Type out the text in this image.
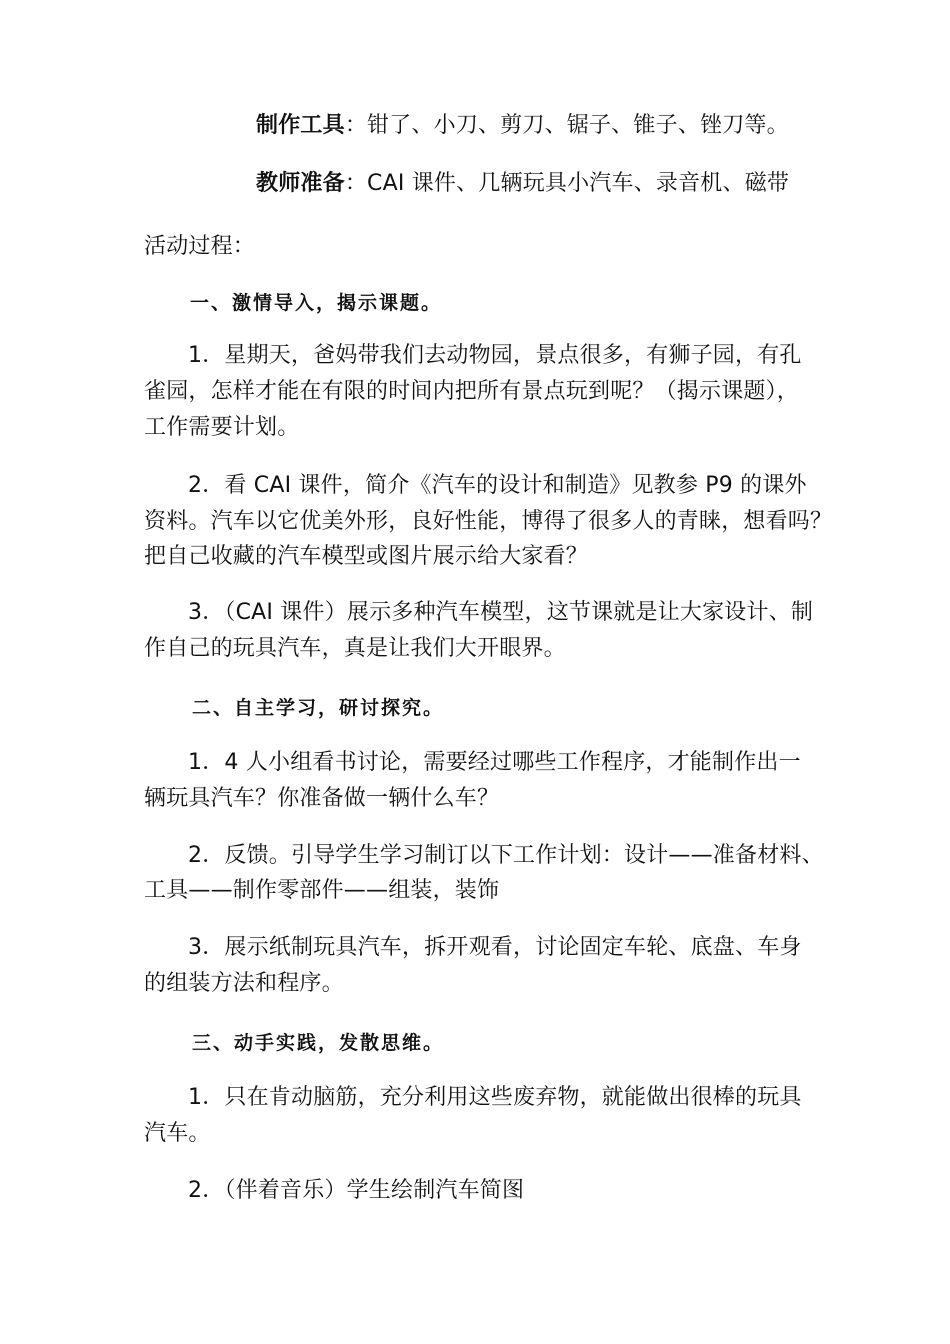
制作工具：钳了、小刀、剪刀、锯子、锥子、锉刀等。
教师准备：CAI 课件、几辆玩具小汽车、录音机、磁带
活动过程：
一、激情导入，揭示课题。
1．星期天，爸妈带我们去动物园，景点很多，有狮子园，有孔
雀园，怎样才能在有限的时间内把所有景点玩到呢？（揭示课题），
工作需要计划。
2．看 CAI 课件，简介《汽车的设计和制造》见教参 P9 的课外
资料。汽车以它优美外形，良好性能，博得了很多人的青睐，想看吗？
把自己收藏的汽车模型或图片展示给大家看？
3．（CAI 课件）展示多种汽车模型，这节课就是让大家设计、制
作自己的玩具汽车，真是让我们大开眼界。
二、自主学习，研讨探究。
1．4 人小组看书讨论，需要经过哪些工作程序，才能制作出一
辆玩具汽车？你准备做一辆什么车？
2．反馈。引导学生学习制订以下工作计划：设计——准备材料、
工具——制作零部件——组装，装饰
3．展示纸制玩具汽车，拆开观看，讨论固定车轮、底盘、车身
的组装方法和程序。
三、动手实践，发散思维。
1．只在肯动脑筋，充分利用这些废弃物，就能做出很棒的玩具
汽车。
2．（伴着音乐）学生绘制汽车简图
